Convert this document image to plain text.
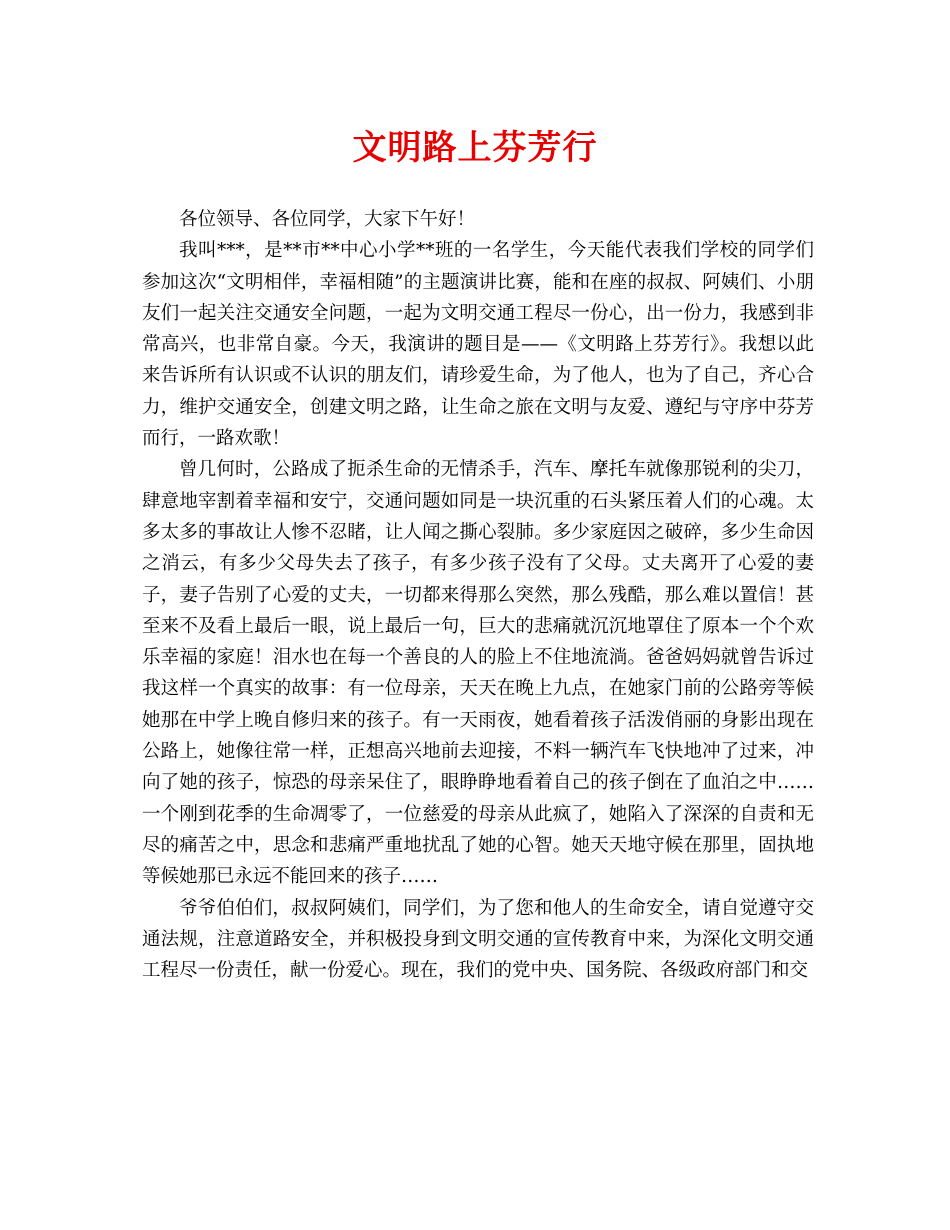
文明路上芬芳行

各位领导、各位同学，大家下午好！

我叫***，是**市**中心小学**班的一名学生，今天能代表我们学校的同学们参加这次“文明相伴，幸福相随”的主题演讲比赛，能和在座的叔叔、阿姨们、小朋友们一起关注交通安全问题，一起为文明交通工程尽一份心，出一份力，我感到非常高兴，也非常自豪。今天，我演讲的题目是——《文明路上芬芳行》。我想以此来告诉所有认识或不认识的朋友们，请珍爱生命，为了他人，也为了自己，齐心合力，维护交通安全，创建文明之路，让生命之旅在文明与友爱、遵纪与守序中芬芳而行，一路欢歌！

曾几何时，公路成了扼杀生命的无情杀手，汽车、摩托车就像那锐利的尖刀，肆意地宰割着幸福和安宁，交通问题如同是一块沉重的石头紧压着人们的心魂。太多太多的事故让人惨不忍睹，让人闻之撕心裂肺。多少家庭因之破碎，多少生命因之消云，有多少父母失去了孩子，有多少孩子没有了父母。丈夫离开了心爱的妻子，妻子告别了心爱的丈夫，一切都来得那么突然，那么残酷，那么难以置信！甚至来不及看上最后一眼，说上最后一句，巨大的悲痛就沉沉地罩住了原本一个个欢乐幸福的家庭！泪水也在每一个善良的人的脸上不住地流淌。爸爸妈妈就曾告诉过我这样一个真实的故事：有一位母亲，天天在晚上九点，在她家门前的公路旁等候她那在中学上晚自修归来的孩子。有一天雨夜，她看着孩子活泼俏丽的身影出现在公路上，她像往常一样，正想高兴地前去迎接，不料一辆汽车飞快地冲了过来，冲向了她的孩子，惊恐的母亲呆住了，眼睁睁地看着自己的孩子倒在了血泊之中……一个刚到花季的生命凋零了，一位慈爱的母亲从此疯了，她陷入了深深的自责和无尽的痛苦之中，思念和悲痛严重地扰乱了她的心智。她天天地守候在那里，固执地等候她那已永远不能回来的孩子……

爷爷伯伯们，叔叔阿姨们，同学们，为了您和他人的生命安全，请自觉遵守交通法规，注意道路安全，并积极投身到文明交通的宣传教育中来，为深化文明交通工程尽一份责任，献一份爱心。现在，我们的党中央、国务院、各级政府部门和交
